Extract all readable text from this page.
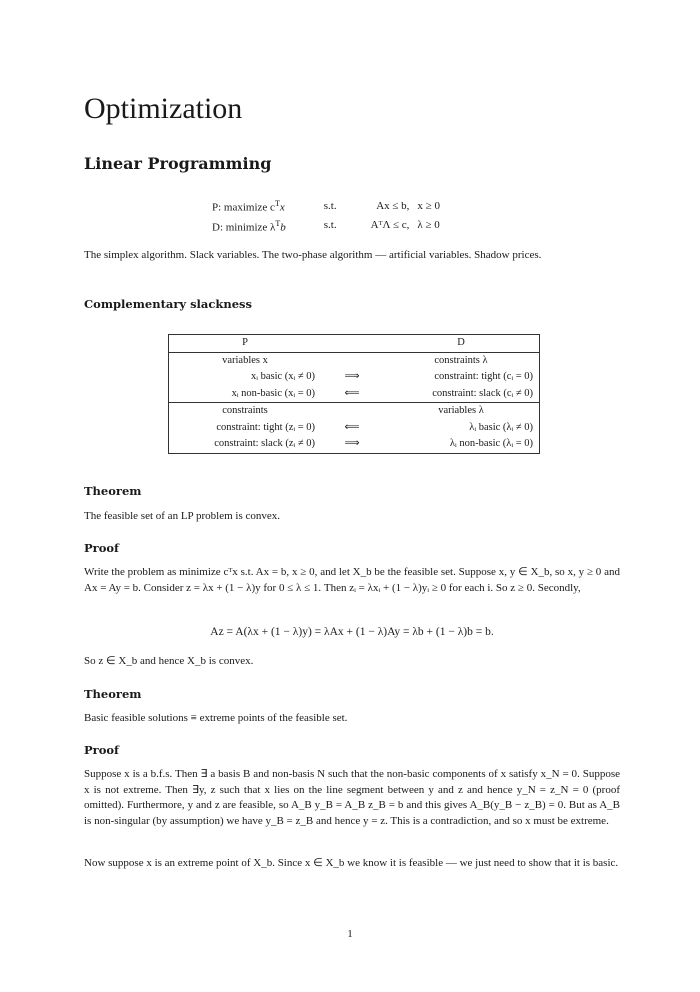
Optimization
Linear Programming
P: maximize $c^Tx$	s.t.	Ax ≤ b,	x ≥ 0
D: minimize $\lambda^Tb$	s.t.	AᵀΛ ≤ c,	λ ≥ 0

The simplex algorithm. Slack variables. The two-phase algorithm — artificial variables. Shadow prices.

Complementary slackness
P		D
variables x		constraints λ
xᵢ basic (xᵢ ≠ 0)	⟹	constraint: tight (cᵢ = 0)
xᵢ non-basic (xᵢ = 0)	⟸	constraint: slack (cᵢ ≠ 0)
constraints		variables λ
constraint: tight (zᵢ = 0)	⟸	λᵢ basic (λᵢ ≠ 0)
constraint: slack (zᵢ ≠ 0)	⟹	λᵢ non-basic (λᵢ = 0)
Theorem

The feasible set of an LP problem is convex.

Proof

Write the problem as minimize cᵀx s.t. Ax = b, x ≥ 0, and let X_b be the feasible set. Suppose x, y ∈ X_b, so x, y ≥ 0 and Ax = Ay = b. Consider z = λx + (1 − λ)y for 0 ≤ λ ≤ 1. Then zᵢ = λxᵢ + (1 − λ)yᵢ ≥ 0 for each i. So z ≥ 0. Secondly,

Az = A(λx + (1 − λ)y) = λAx + (1 − λ)Ay = λb + (1 − λ)b = b.

So z ∈ X_b and hence X_b is convex.

Theorem

Basic feasible solutions ≡ extreme points of the feasible set.

Proof

Suppose x is a b.f.s. Then ∃ a basis B and non-basis N such that the non-basic components of x satisfy x_N = 0. Suppose x is not extreme. Then ∃y, z such that x lies on the line segment between y and z and hence y_N = z_N = 0 (proof omitted). Furthermore, y and z are feasible, so A_B y_B = A_B z_B = b and this gives A_B(y_B − z_B) = 0. But as A_B is non-singular (by assumption) we have y_B = z_B and hence y = z. This is a contradiction, and so x must be extreme.

Now suppose x is an extreme point of X_b. Since x ∈ X_b we know it is feasible — we just need to show that it is basic.

1
